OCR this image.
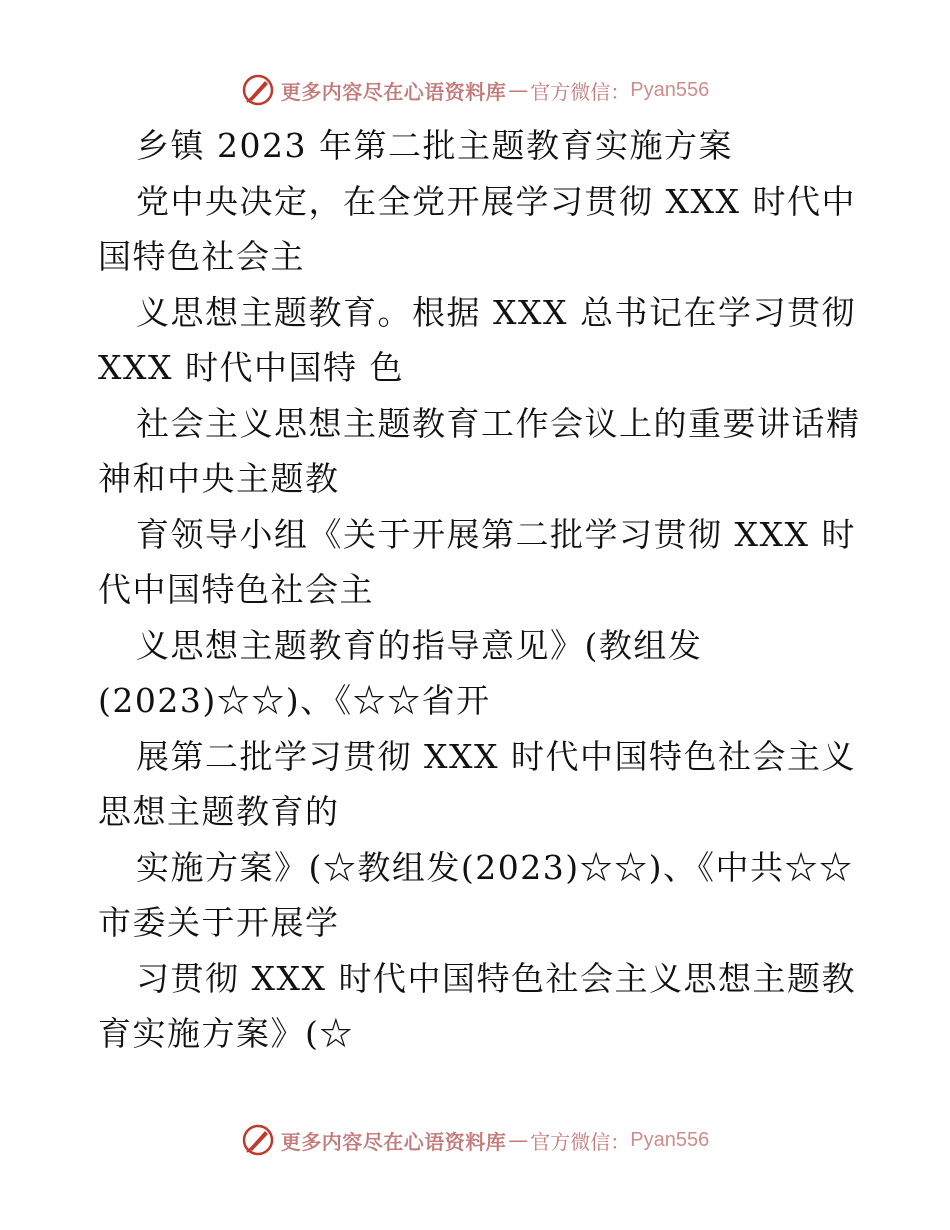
更多内容尽在心语资料库 — 官方微信： Pyan556
乡镇 2023 年第二批主题教育实施方案
党中央决定，在全党开展学习贯彻 XXX 时代中
国特色社会主
义思想主题教育。根据 XXX 总书记在学习贯彻
XXX 时代中国特 色
社会主义思想主题教育工作会议上的重要讲话精
神和中央主题教
育领导小组《关于开展第二批学习贯彻 XXX 时
代中国特色社会主
义思想主题教育的指导意见》(教组发
(2023)☆☆)、《☆☆省开
展第二批学习贯彻 XXX 时代中国特色社会主义
思想主题教育的
实施方案》(☆教组发(2023)☆☆)、《中共☆☆
市委关于开展学
习贯彻 XXX 时代中国特色社会主义思想主题教
育实施方案》(☆
更多内容尽在心语资料库 — 官方微信： Pyan556
